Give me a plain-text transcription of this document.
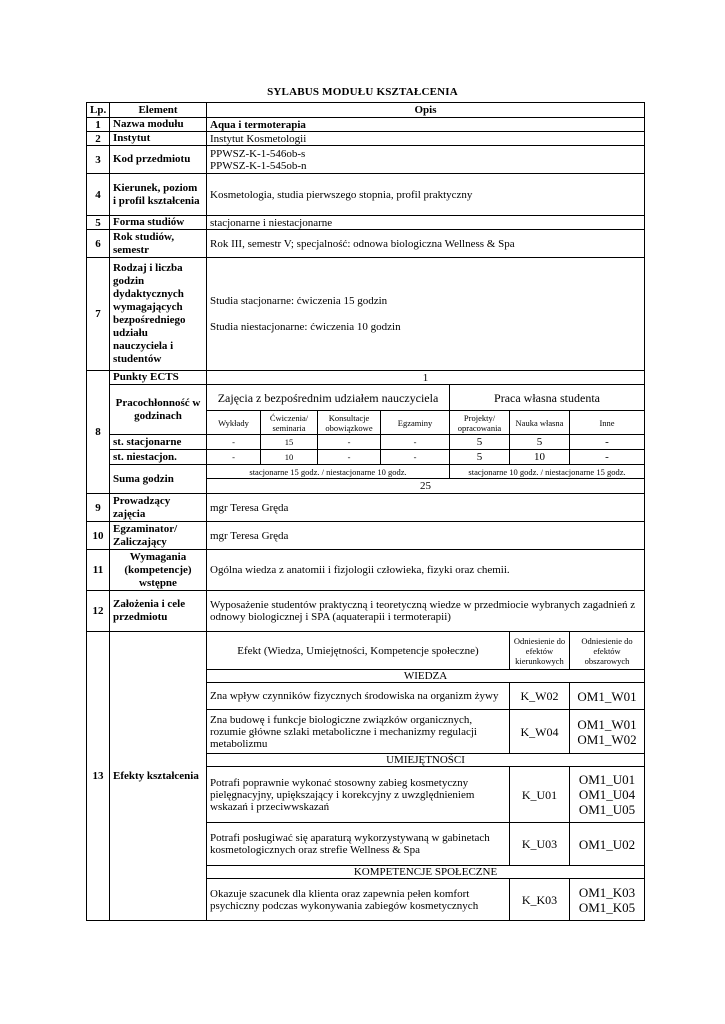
SYLABUS MODUŁU KSZTAŁCENIA
Lp.	Element	Opis						
1	Nazwa modułu	Aqua i termoterapia						
2	Instytut	Instytut Kosmetologii						
3	Kod przedmiotu	PPWSZ-K-1-546ob-s
PPWSZ-K-1-545ob-n						

4	Kierunek, poziom i profil kształcenia	Kosmetologia, studia pierwszego stopnia, profil praktyczny						
5	Forma studiów	stacjonarne i niestacjonarne						
6	Rok studiów, semestr	Rok III, semestr V; specjalność: odnowa biologiczna Wellness & Spa						
7	Rodzaj i liczba godzin dydaktycznych wymagających bezpośredniego udziału nauczyciela i studentów	Studia stacjonarne: ćwiczenia 15 godzin
Studia niestacjonarne: ćwiczenia 10 godzin						

8	Punkty ECTS	1						
	Pracochłonność w godzinach	Zajęcia z bezpośrednim udziałem nauczyciela				Praca własna studenta		
		Wykłady	Ćwiczenia/ seminaria	Konsultacje obowiązkowe	Egzaminy	Projekty/ opracowania	Nauka własna	Inne
	st. stacjonarne	-	15	-	-	5	5	-
	st. niestacjon.	-	10	-	-	5	10	-
	Suma godzin	stacjonarne 15 godz. / niestacjonarne 10 godz.				stacjonarne 10 godz. / niestacjonarne 15 godz.		
		25						
9	Prowadzący zajęcia	mgr Teresa Gręda						
10	Egzaminator/ Zaliczający	mgr Teresa Gręda						
11	Wymagania (kompetencje) wstępne	Ogólna wiedza z anatomii i fizjologii człowieka, fizyki oraz chemii.						
12	Założenia i cele przedmiotu	Wyposażenie studentów praktyczną i teoretyczną wiedze w przedmiocie wybranych zagadnień z odnowy biologicznej i SPA (aquaterapii i termoterapii)						
13	Efekty kształcenia	Efekt (Wiedza, Umiejętności, Kompetencje społeczne)					Odniesienie do efektów kierunkowych	Odniesienie do efektów obszarowych
		WIEDZA						
		Zna wpływ czynników fizycznych środowiska na organizm żywy					K_W02	OM1_W01

		Zna budowę i funkcje biologiczne związków organicznych, rozumie główne szlaki metaboliczne i mechanizmy regulacji metabolizmu					K_W04	OM1_W01
OM1_W02

		UMIEJĘTNOŚCI						
		Potrafi poprawnie wykonać stosowny zabieg kosmetyczny pielęgnacyjny, upiększający i korekcyjny z uwzględnieniem wskazań i przeciwwskazań					K_U01	OM1_U01
OM1_U04
OM1_U05

		Potrafi posługiwać się aparaturą wykorzystywaną w gabinetach kosmetologicznych oraz strefie Wellness & Spa					K_U03	OM1_U02

		KOMPETENCJE SPOŁECZNE						
		Okazuje szacunek dla klienta oraz zapewnia pełen komfort psychiczny podczas wykonywania zabiegów kosmetycznych					K_K03	OM1_K03
OM1_K05
